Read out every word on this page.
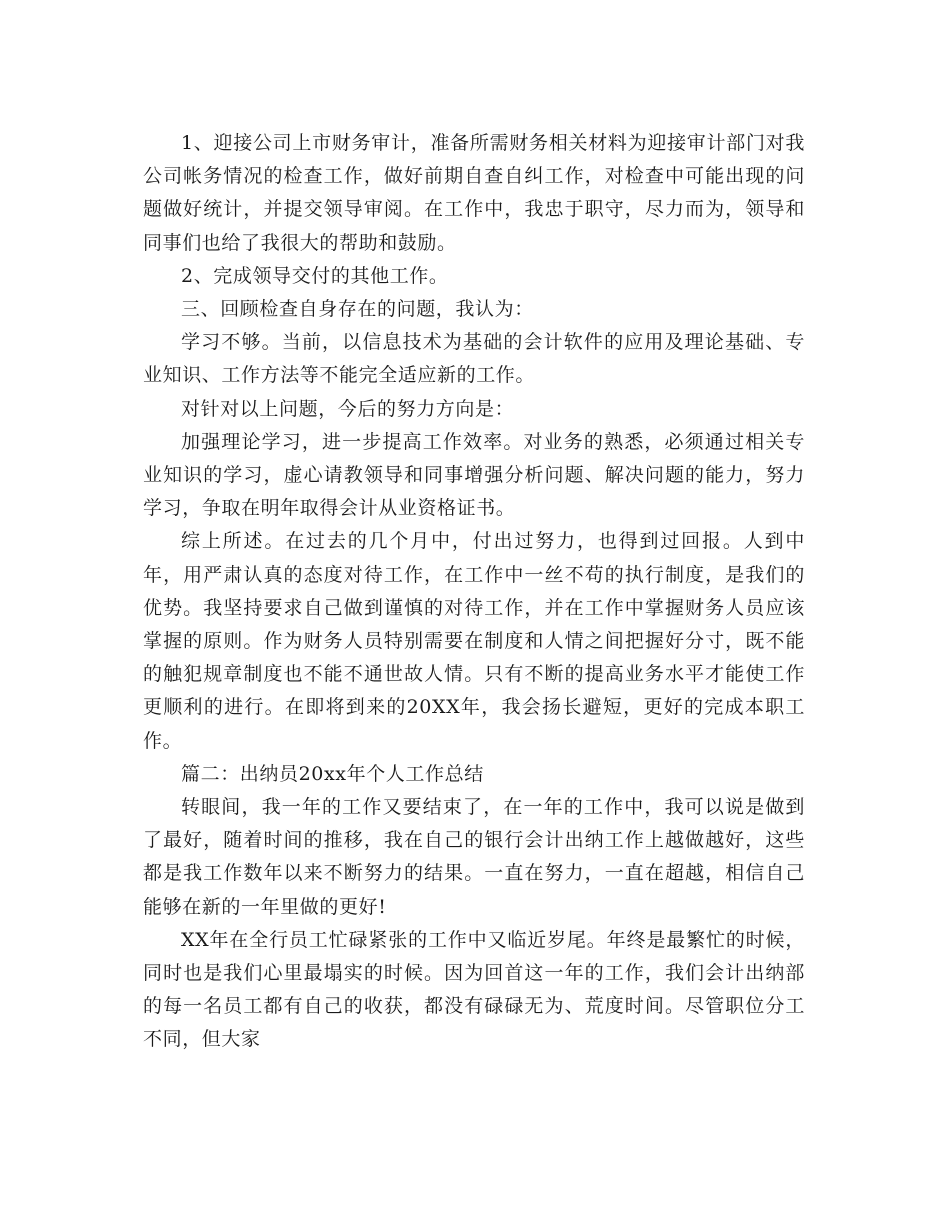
1、迎接公司上市财务审计，准备所需财务相关材料为迎接审计部门对我公司帐务情况的检查工作，做好前期自查自纠工作，对检查中可能出现的问题做好统计，并提交领导审阅。在工作中，我忠于职守，尽力而为，领导和同事们也给了我很大的帮助和鼓励。

2、完成领导交付的其他工作。

三、回顾检查自身存在的问题，我认为：

学习不够。当前，以信息技术为基础的会计软件的应用及理论基础、专业知识、工作方法等不能完全适应新的工作。

对针对以上问题，今后的努力方向是：

加强理论学习，进一步提高工作效率。对业务的熟悉，必须通过相关专业知识的学习，虚心请教领导和同事增强分析问题、解决问题的能力，努力学习，争取在明年取得会计从业资格证书。

综上所述。在过去的几个月中，付出过努力，也得到过回报。人到中年，用严肃认真的态度对待工作，在工作中一丝不苟的执行制度，是我们的优势。我坚持要求自己做到谨慎的对待工作，并在工作中掌握财务人员应该掌握的原则。作为财务人员特别需要在制度和人情之间把握好分寸，既不能的触犯规章制度也不能不通世故人情。只有不断的提高业务水平才能使工作更顺利的进行。在即将到来的20XX年，我会扬长避短，更好的完成本职工作。

篇二：出纳员20xx年个人工作总结

转眼间，我一年的工作又要结束了，在一年的工作中，我可以说是做到了最好，随着时间的推移，我在自己的银行会计出纳工作上越做越好，这些都是我工作数年以来不断努力的结果。一直在努力，一直在超越，相信自己能够在新的一年里做的更好!

XX年在全行员工忙碌紧张的工作中又临近岁尾。年终是最繁忙的时候，同时也是我们心里最塌实的时候。因为回首这一年的工作，我们会计出纳部的每一名员工都有自己的收获，都没有碌碌无为、荒度时间。尽管职位分工不同，但大家
